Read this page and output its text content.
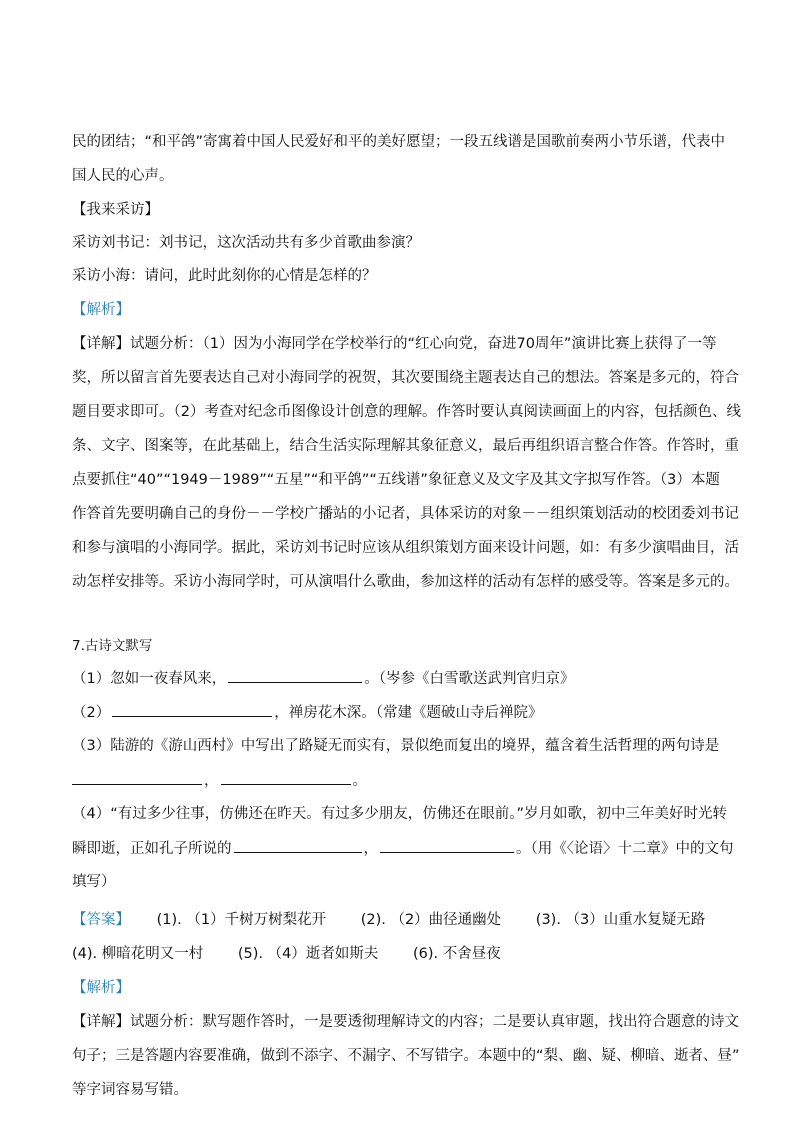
民的团结；“和平鸽”寄寓着中国人民爱好和平的美好愿望；一段五线谱是国歌前奏两小节乐谱，代表中
国人民的心声。
【我来采访】
采访刘书记：刘书记，这次活动共有多少首歌曲参演？
采访小海：请问，此时此刻你的心情是怎样的？
【解析】
【详解】试题分析：（1）因为小海同学在学校举行的“红心向党，奋进70周年”演讲比赛上获得了一等
奖，所以留言首先要表达自己对小海同学的祝贺，其次要围绕主题表达自己的想法。答案是多元的，符合
题目要求即可。（2）考查对纪念币图像设计创意的理解。作答时要认真阅读画面上的内容，包括颜色、线
条、文字、图案等，在此基础上，结合生活实际理解其象征意义，最后再组织语言整合作答。作答时，重
点要抓住“40”“1949－1989”“五星”“和平鸽”“五线谱”象征意义及文字及其文字拟写作答。（3）本题
作答首先要明确自己的身份－－学校广播站的小记者，具体采访的对象－－组织策划活动的校团委刘书记
和参与演唱的小海同学。据此，采访刘书记时应该从组织策划方面来设计问题，如：有多少演唱曲目，活
动怎样安排等。采访小海同学时，可从演唱什么歌曲，参加这样的活动有怎样的感受等。答案是多元的。
7.古诗文默写
（1）忽如一夜春风来，	。（岑参《白雪歌送武判官归京》
（2）	，禅房花木深。（常建《题破山寺后禅院》
（3）陆游的《游山西村》中写出了路疑无而实有，景似绝而复出的境界，蕴含着生活哲理的两句诗是
，	。
（4）“有过多少往事，仿佛还在昨天。有过多少朋友，仿佛还在眼前。”岁月如歌，初中三年美好时光转
瞬即逝，正如孔子所说的	，	。（用《〈论语〉十二章》中的文句
填写）
【答案】 (1). （1）千树万树梨花开 (2). （2）曲径通幽处 (3). （3）山重水复疑无路
(4). 柳暗花明又一村 (5). （4）逝者如斯夫 (6). 不舍昼夜
【解析】
【详解】试题分析：默写题作答时，一是要透彻理解诗文的内容；二是要认真审题，找出符合题意的诗文
句子；三是答题内容要准确，做到不添字、不漏字、不写错字。本题中的“梨、幽、疑、柳暗、逝者、昼”
等字词容易写错。
